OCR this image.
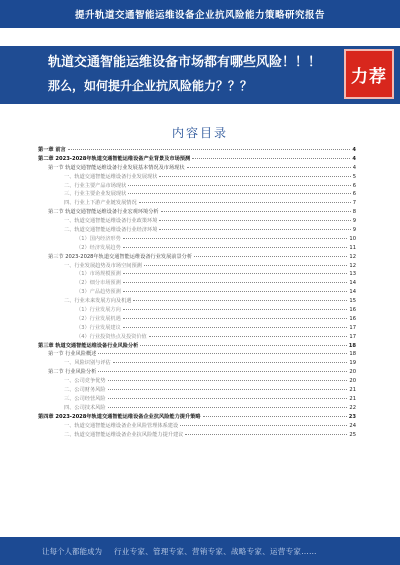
提升轨道交通智能运维设备企业抗风险能力策略研究报告
轨道交通智能运维设备市场都有哪些风险！！！
那么，如何提升企业抗风险能力？？？	力荐
内容目录
第一章 前言	4
第二章 2023-2028年轨道交通智能运维设备产业背景及市场预测	4
第一节 轨道交通智能运维设备行业发展基本情况及市场现状	4
一、轨道交通智能运维设备行业发展现状	5
二、行业主要产品市场现状	6
三、行业主要企业发展现状	6
四、行业上下游产业链发展情况	7
第二节 轨道交通智能运维设备行业宏观环境分析	8
一、轨道交通智能运维设备行业政策环境	9
二、轨道交通智能运维设备行业经济环境	9
（1）国内经济形势	10
（2）经济发展趋势	11
第三节 2023-2028年轨道交通智能运维设备行业发展前景分析	12
一、行业发展趋势及市场空间预测	12
（1）市场规模预测	13
（2）细分市场预测	14
（3）产品趋势预测	14
二、行业未来发展方向及机遇	15
（1）行业发展方向	16
（2）行业发展机遇	16
（3）行业发展建议	17
（4）行业投资热点及投资价值	17
第三章 轨道交通智能运维设备行业风险分析	18
第一节 行业风险概述	18
一、风险识别与评估	19
第二节 行业风险分析	20
一、公司竞争优势	20
二、公司财务风险	21
三、公司经营风险	21
四、公司技术风险	22
第四章 2023-2028年轨道交通智能运维设备企业抗风险能力提升策略	23
一、轨道交通智能运维设备企业风险管理体系建设	24
二、轨道交通智能运维设备企业抗风险能力提升建议	25
让每个人都能成为 行业专家、管理专家、营销专家、战略专家、运营专家……
